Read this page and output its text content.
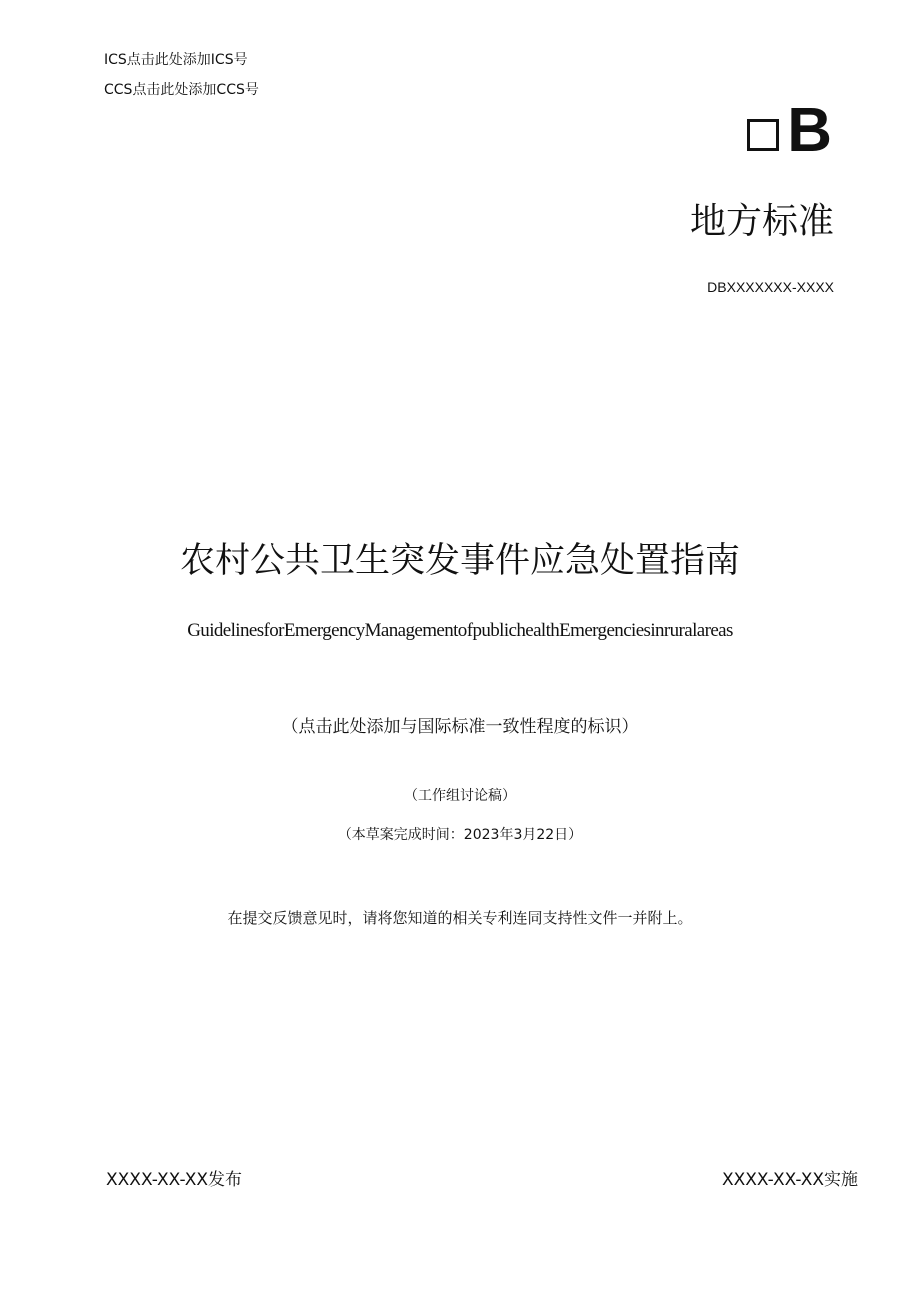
ICS点击此处添加ICS号
CCS点击此处添加CCS号
B
地方标准
DBXXXXXXX-XXXX
农村公共卫生突发事件应急处置指南
GuidelinesforEmergencyManagementofpublichealthEmergenciesinruralareas
（点击此处添加与国际标准一致性程度的标识）
（工作组讨论稿）
（本草案完成时间：2023年3月22日）
在提交反馈意见时，请将您知道的相关专利连同支持性文件一并附上。
XXXX-XX-XX发布	XXXX-XX-XX实施
